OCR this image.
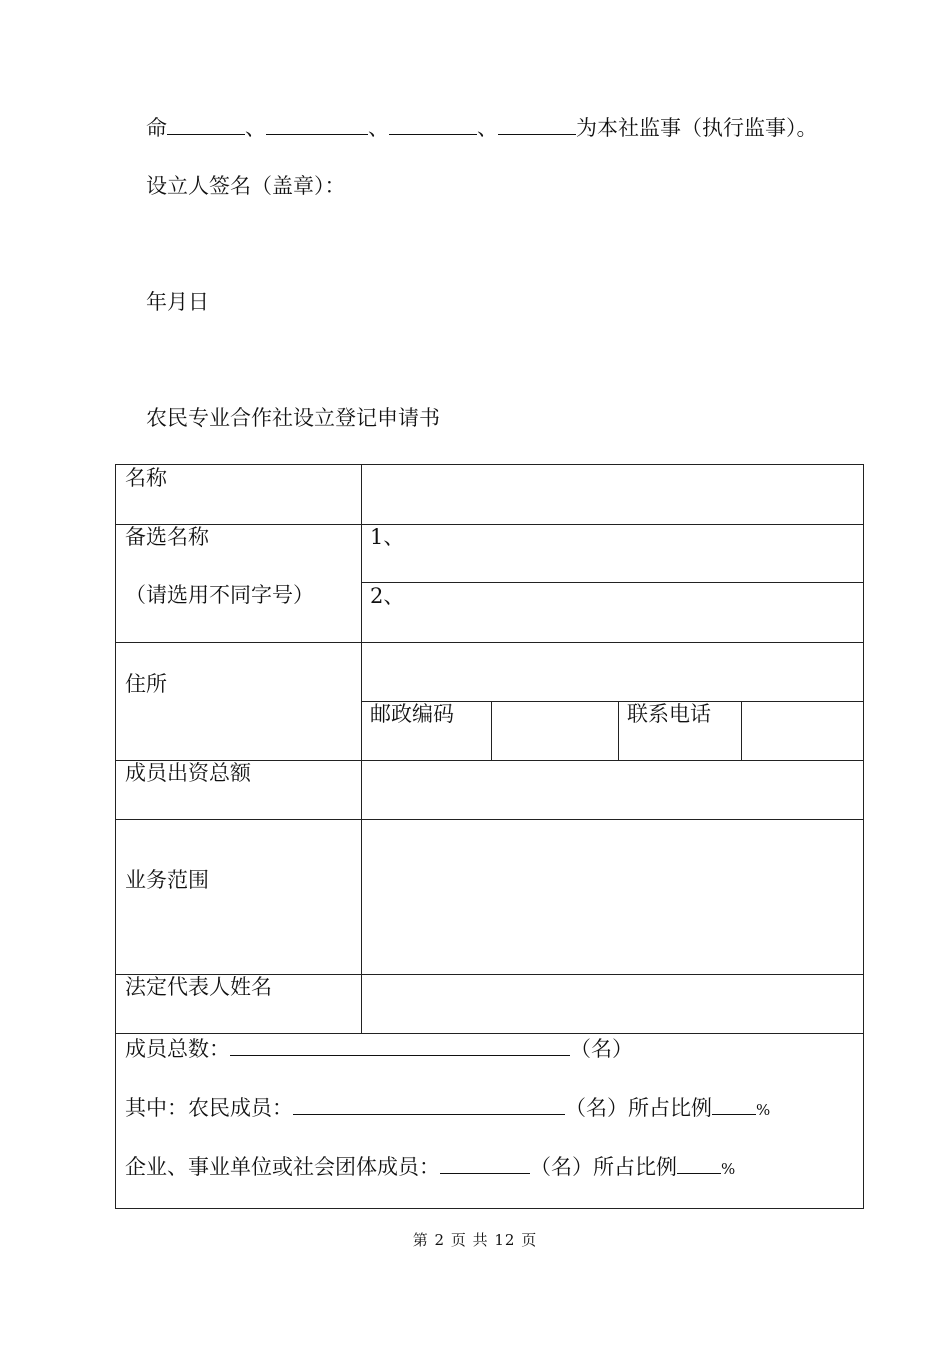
命	、	、	、	为本社监事（执行监事）。
设立人签名（盖章）：
年月日
农民专业合作社设立登记申请书
名称
备选名称
（请选用不同字号）
1、
2、
住所
邮政编码	联系电话
成员出资总额
业务范围
法定代表人姓名
成员总数：	（名）
其中：农民成员：	（名）所占比例	%
企业、事业单位或社会团体成员：	（名）所占比例	%
第 2 页 共 12 页
